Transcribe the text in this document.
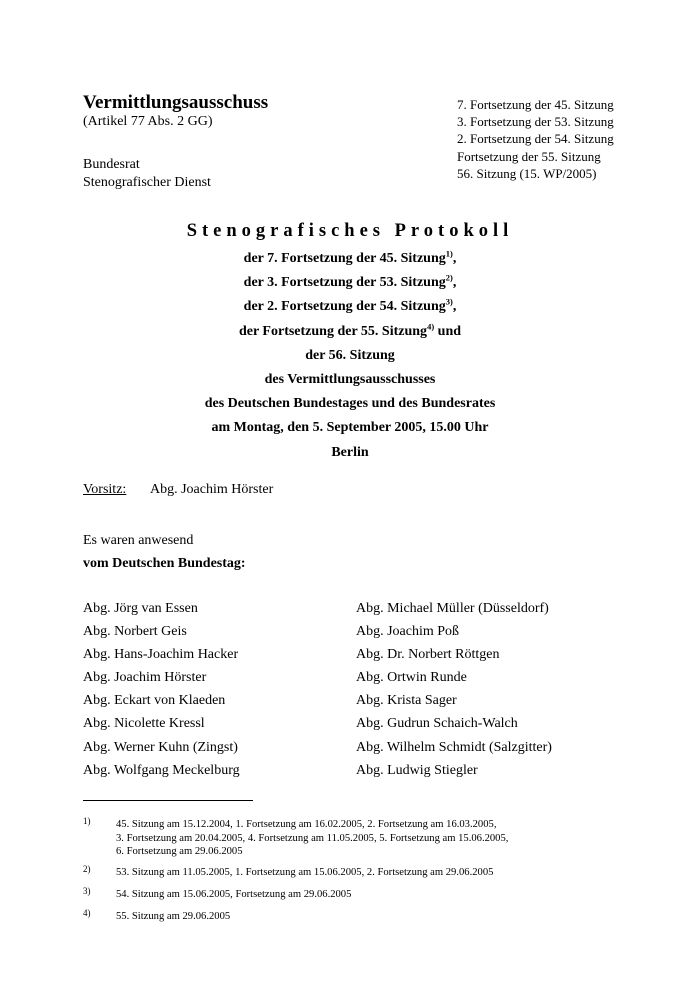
Vermittlungsausschuss
(Artikel 77 Abs. 2 GG)
Bundesrat
Stenografischer Dienst
7. Fortsetzung der 45. Sitzung
3. Fortsetzung der 53. Sitzung
2. Fortsetzung der 54. Sitzung
Fortsetzung der 55. Sitzung
56. Sitzung (15. WP/2005)
Stenografisches Protokoll
der 7. Fortsetzung der 45. Sitzung$^{1)}$,
der 3. Fortsetzung der 53. Sitzung$^{2)}$,
der 2. Fortsetzung der 54. Sitzung$^{3)}$,
der Fortsetzung der 55. Sitzung$^{4)}$ und
der 56. Sitzung
des Vermittlungsausschusses
des Deutschen Bundestages und des Bundesrates
am Montag, den 5. September 2005, 15.00 Uhr
Berlin
Vorsitz: Abg. Joachim Hörster
Es waren anwesend
vom Deutschen Bundestag:
Abg. Jörg van Essen
Abg. Norbert Geis
Abg. Hans-Joachim Hacker
Abg. Joachim Hörster
Abg. Eckart von Klaeden
Abg. Nicolette Kressl
Abg. Werner Kuhn (Zingst)
Abg. Wolfgang Meckelburg
Abg. Michael Müller (Düsseldorf)
Abg. Joachim Poß
Abg. Dr. Norbert Röttgen
Abg. Ortwin Runde
Abg. Krista Sager
Abg. Gudrun Schaich-Walch
Abg. Wilhelm Schmidt (Salzgitter)
Abg. Ludwig Stiegler
1) 45. Sitzung am 15.12.2004, 1. Fortsetzung am 16.02.2005, 2. Fortsetzung am 16.03.2005,
3. Fortsetzung am 20.04.2005, 4. Fortsetzung am 11.05.2005, 5. Fortsetzung am 15.06.2005,
6. Fortsetzung am 29.06.2005
2) 53. Sitzung am 11.05.2005, 1. Fortsetzung am 15.06.2005, 2. Fortsetzung am 29.06.2005
3) 54. Sitzung am 15.06.2005, Fortsetzung am 29.06.2005
4) 55. Sitzung am 29.06.2005
